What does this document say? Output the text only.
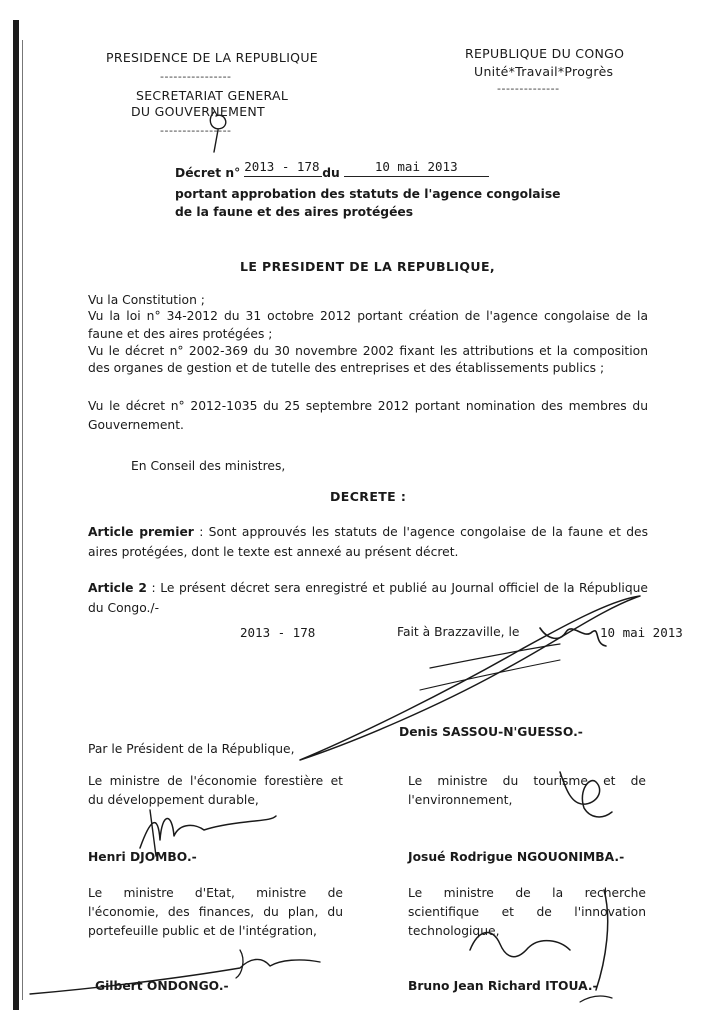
PRESIDENCE DE LA REPUBLIQUE
----------------
SECRETARIAT GENERAL
DU GOUVERNEMENT
----------------
REPUBLIQUE DU CONGO
Unité*Travail*Progrès
--------------
Décret n° 2013 - 178 du	10 mai 2013
portant approbation des statuts de l'agence congolaise
de la faune et des aires protégées
LE PRESIDENT DE LA REPUBLIQUE,
Vu la Constitution ;
Vu la loi n° 34-2012 du 31 octobre 2012 portant création de l'agence congolaise de la faune et des aires protégées ;
Vu le décret n° 2002-369 du 30 novembre 2002 fixant les attributions et la composition des organes de gestion et de tutelle des entreprises et des établissements publics ;
Vu le décret n° 2012-1035 du 25 septembre 2012 portant nomination des membres du Gouvernement.
En Conseil des ministres,
DECRETE :
Article premier : Sont approuvés les statuts de l'agence congolaise de la faune et des aires protégées, dont le texte est annexé au présent décret.
Article 2 : Le présent décret sera enregistré et publié au Journal officiel de la République du Congo./-
2013 - 178	Fait à Brazzaville, le	10 mai 2013
Denis SASSOU-N'GUESSO.-
Par le Président de la République,
Le ministre de l'économie forestière et du développement durable,
Henri DJOMBO.-
Le ministre du tourisme et de l'environnement,
Josué Rodrigue NGOUONIMBA.-
Le ministre d'Etat, ministre de l'économie, des finances, du plan, du portefeuille public et de l'intégration,
Gilbert ONDONGO.-
Le ministre de la recherche scientifique et de l'innovation technologique,
Bruno Jean Richard ITOUA.-
